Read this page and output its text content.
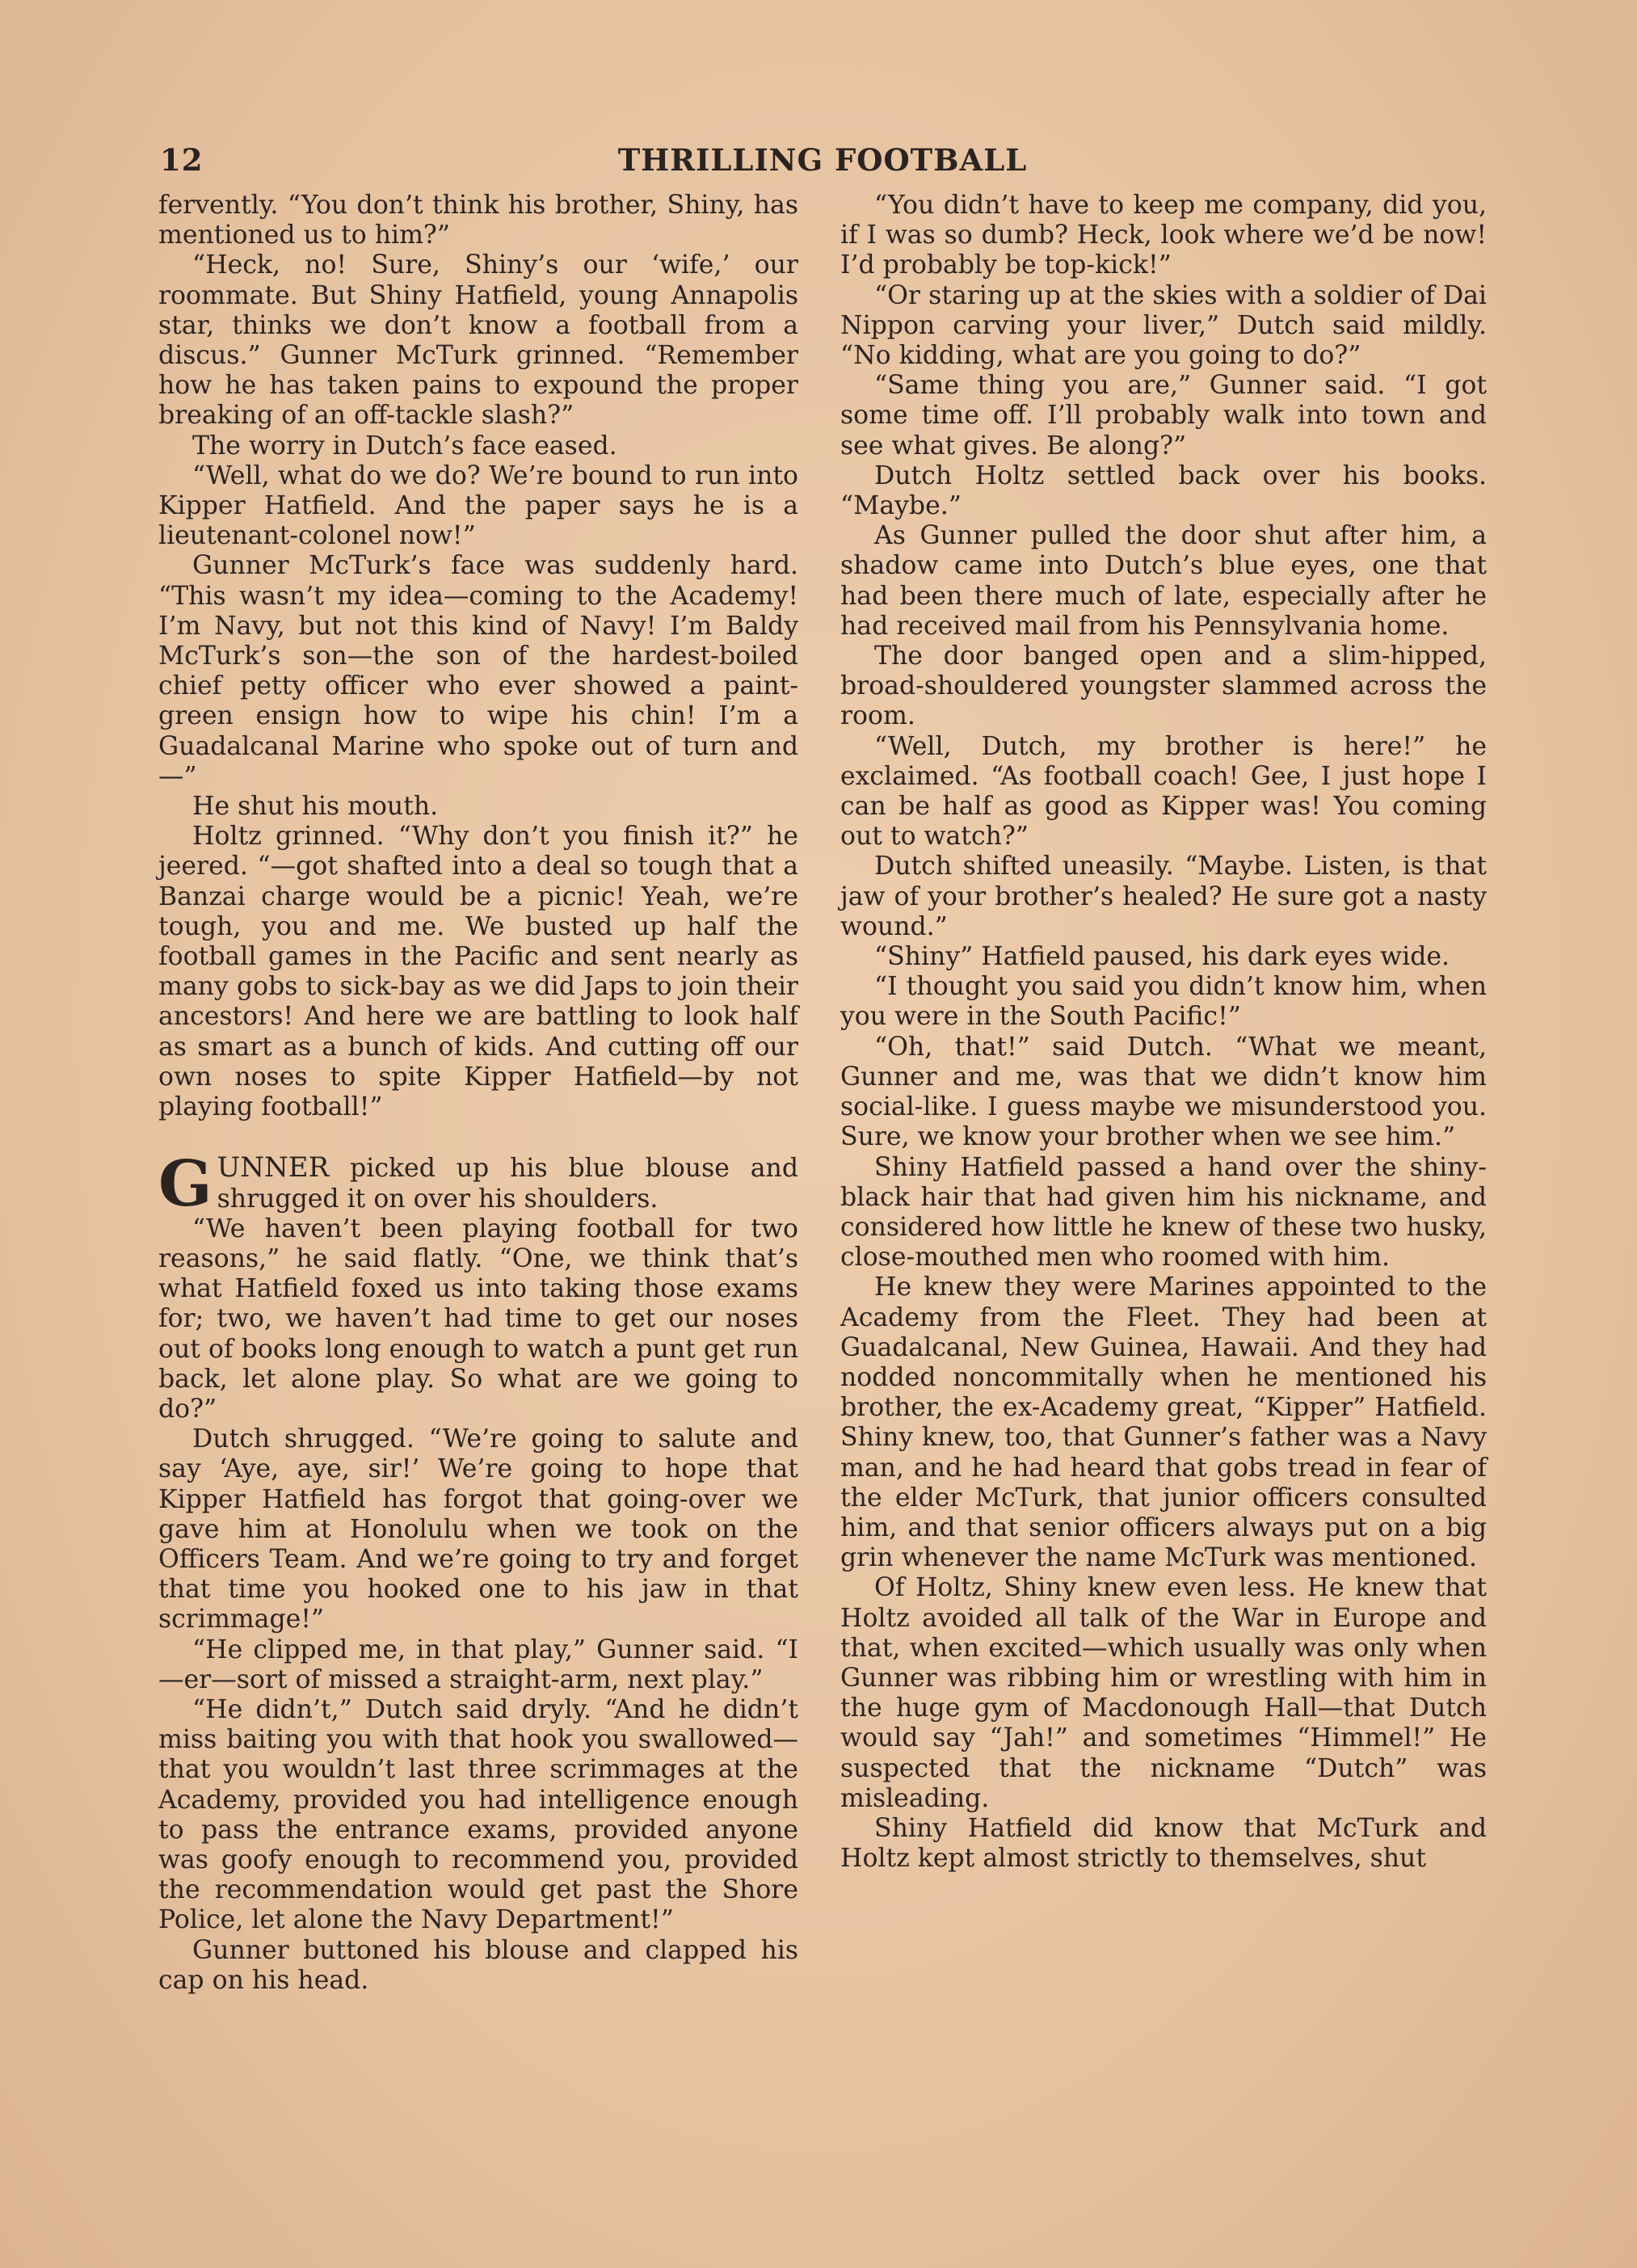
12	THRILLING FOOTBALL

fervently. “You don’t think his brother, Shiny, has mentioned us to him?”

“Heck, no! Sure, Shiny’s our ‘wife,’ our roommate. But Shiny Hatfield, young Annapolis star, thinks we don’t know a football from a discus.” Gunner McTurk grinned. “Remember how he has taken pains to expound the proper breaking of an off-tackle slash?”

The worry in Dutch’s face eased.

“Well, what do we do? We’re bound to run into Kipper Hatfield. And the paper says he is a lieutenant-colonel now!”

Gunner McTurk’s face was suddenly hard. “This wasn’t my idea—coming to the Academy! I’m Navy, but not this kind of Navy! I’m Baldy McTurk’s son—the son of the hardest-boiled chief petty officer who ever showed a paint-green ensign how to wipe his chin! I’m a Guadalcanal Marine who spoke out of turn and—”

He shut his mouth.

Holtz grinned. “Why don’t you finish it?” he jeered. “—got shafted into a deal so tough that a Banzai charge would be a picnic! Yeah, we’re tough, you and me. We busted up half the football games in the Pacific and sent nearly as many gobs to sick-bay as we did Japs to join their ancestors! And here we are battling to look half as smart as a bunch of kids. And cutting off our own noses to spite Kipper Hatfield—by not playing football!”

GUNNER picked up his blue blouse and shrugged it on over his shoulders.

“We haven’t been playing football for two reasons,” he said flatly. “One, we think that’s what Hatfield foxed us into taking those exams for; two, we haven’t had time to get our noses out of books long enough to watch a punt get run back, let alone play. So what are we going to do?”

Dutch shrugged. “We’re going to salute and say ‘Aye, aye, sir!’ We’re going to hope that Kipper Hatfield has forgot that going-over we gave him at Honolulu when we took on the Officers Team. And we’re going to try and forget that time you hooked one to his jaw in that scrimmage!”

“He clipped me, in that play,” Gunner said. “I—er—sort of missed a straight-arm, next play.”

“He didn’t,” Dutch said dryly. “And he didn’t miss baiting you with that hook you swallowed—that you wouldn’t last three scrimmages at the Academy, provided you had intelligence enough to pass the entrance exams, provided anyone was goofy enough to recommend you, provided the recommendation would get past the Shore Police, let alone the Navy Department!”

Gunner buttoned his blouse and clapped his cap on his head.

“You didn’t have to keep me company, did you, if I was so dumb? Heck, look where we’d be now! I’d probably be top-kick!”

“Or staring up at the skies with a soldier of Dai Nippon carving your liver,” Dutch said mildly. “No kidding, what are you going to do?”

“Same thing you are,” Gunner said. “I got some time off. I’ll probably walk into town and see what gives. Be along?”

Dutch Holtz settled back over his books. “Maybe.”

As Gunner pulled the door shut after him, a shadow came into Dutch’s blue eyes, one that had been there much of late, especially after he had received mail from his Pennsylvania home.

The door banged open and a slim-hipped, broad-shouldered youngster slammed across the room.

“Well, Dutch, my brother is here!” he exclaimed. “As football coach! Gee, I just hope I can be half as good as Kipper was! You coming out to watch?”

Dutch shifted uneasily. “Maybe. Listen, is that jaw of your brother’s healed? He sure got a nasty wound.”

“Shiny” Hatfield paused, his dark eyes wide.

“I thought you said you didn’t know him, when you were in the South Pacific!”

“Oh, that!” said Dutch. “What we meant, Gunner and me, was that we didn’t know him social-like. I guess maybe we misunderstood you. Sure, we know your brother when we see him.”

Shiny Hatfield passed a hand over the shiny-black hair that had given him his nickname, and considered how little he knew of these two husky, close-mouthed men who roomed with him.

He knew they were Marines appointed to the Academy from the Fleet. They had been at Guadalcanal, New Guinea, Hawaii. And they had nodded noncommitally when he mentioned his brother, the ex-Academy great, “Kipper” Hatfield. Shiny knew, too, that Gunner’s father was a Navy man, and he had heard that gobs tread in fear of the elder McTurk, that junior officers consulted him, and that senior officers always put on a big grin whenever the name McTurk was mentioned.

Of Holtz, Shiny knew even less. He knew that Holtz avoided all talk of the War in Europe and that, when excited—which usually was only when Gunner was ribbing him or wrestling with him in the huge gym of Macdonough Hall—that Dutch would say “Jah!” and sometimes “Himmel!” He suspected that the nickname “Dutch” was misleading.

Shiny Hatfield did know that McTurk and Holtz kept almost strictly to themselves, shut
